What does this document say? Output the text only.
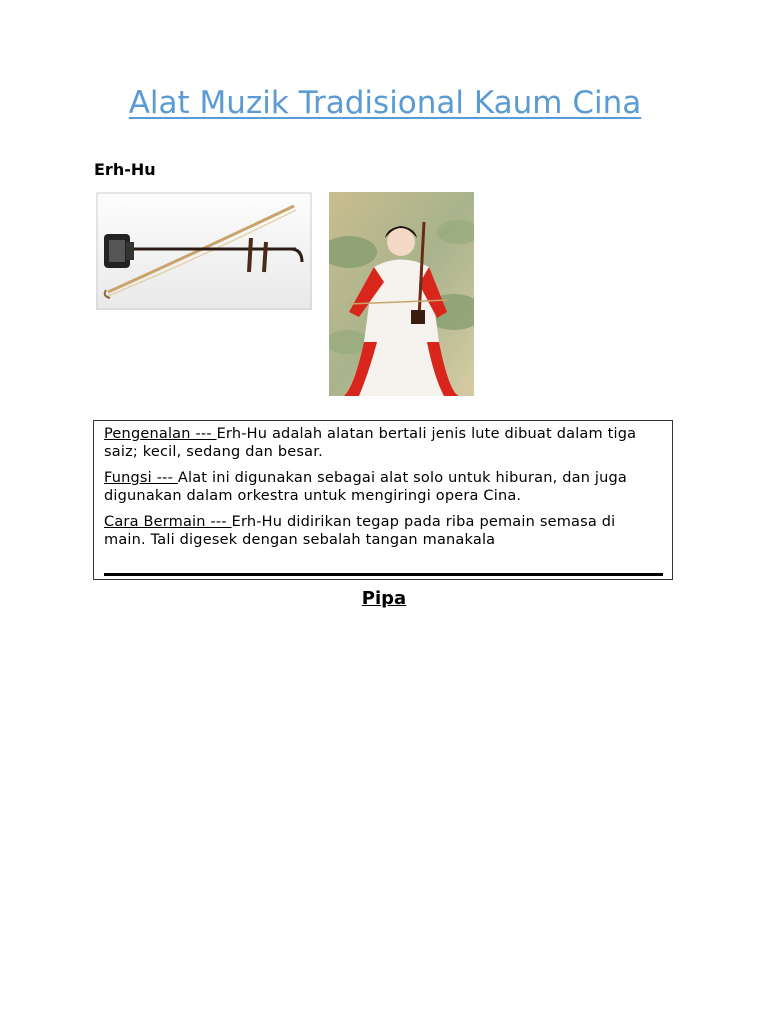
Alat Muzik Tradisional Kaum Cina
Erh-Hu

Pengenalan --- Erh-Hu adalah alatan bertali jenis lute dibuat dalam tiga saiz; kecil, sedang dan besar.

Fungsi --- Alat ini digunakan sebagai alat solo untuk hiburan, dan juga digunakan dalam orkestra untuk mengiringi opera Cina.

Cara Bermain --- Erh-Hu didirikan tegap pada riba pemain semasa di main. Tali digesek dengan sebalah tangan manakala

Pipa
